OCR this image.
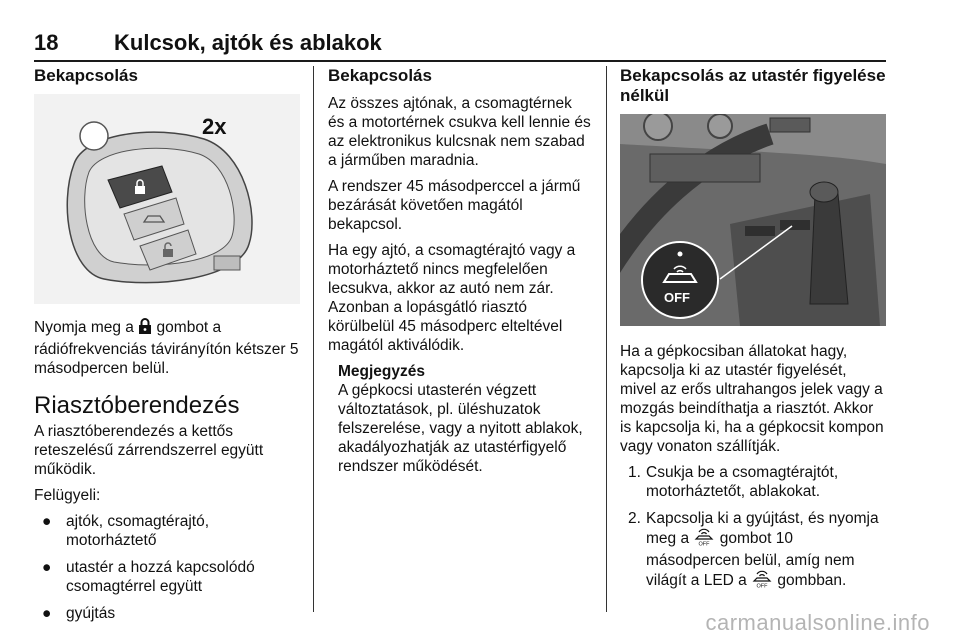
18	Kulcsok, ajtók és ablakok
Bekapcsolás
2x
Nyomja meg a  gombot a rádiófrekvenciás távirányítón kétszer 5 másodpercen belül.
Riasztóberendezés
A riasztóberendezés a kettős reteszelésű zárrendszerrel együtt működik.
Felügyeli:
● ajtók, csomagtérajtó, motorháztető
● utastér a hozzá kapcsolódó csomagtérrel együtt
● gyújtás
Bekapcsolás
Az összes ajtónak, a csomagtérnek és a motortérnek csukva kell lennie és az elektronikus kulcsnak nem szabad a járműben maradnia.
A rendszer 45 másodperccel a jármű bezárását követően magától bekapcsol.
Ha egy ajtó, a csomagtérajtó vagy a motorháztető nincs megfelelően lecsukva, akkor az autó nem zár. Azonban a lopásgátló riasztó körülbelül 45 másodperc elteltével magától aktiválódik.
Megjegyzés
A gépkocsi utasterén végzett változtatások, pl. üléshuzatok felszerelése, vagy a nyitott ablakok, akadályozhatják az utastérfigyelő rendszer működését.
Bekapcsolás az utastér figyelése nélkül
OFF
Ha a gépkocsiban állatokat hagy, kapcsolja ki az utastér figyelését, mivel az erős ultrahangos jelek vagy a mozgás beindíthatja a riasztót. Akkor is kapcsolja ki, ha a gépkocsit kompon vagy vonaton szállítják.
1. Csukja be a csomagtérajtót, motorháztetőt, ablakokat.
2. Kapcsolja ki a gyújtást, és nyomja meg a OFF gombot 10 másodpercen belül, amíg nem világít a LED a OFF gombban.
carmanualsonline.info
